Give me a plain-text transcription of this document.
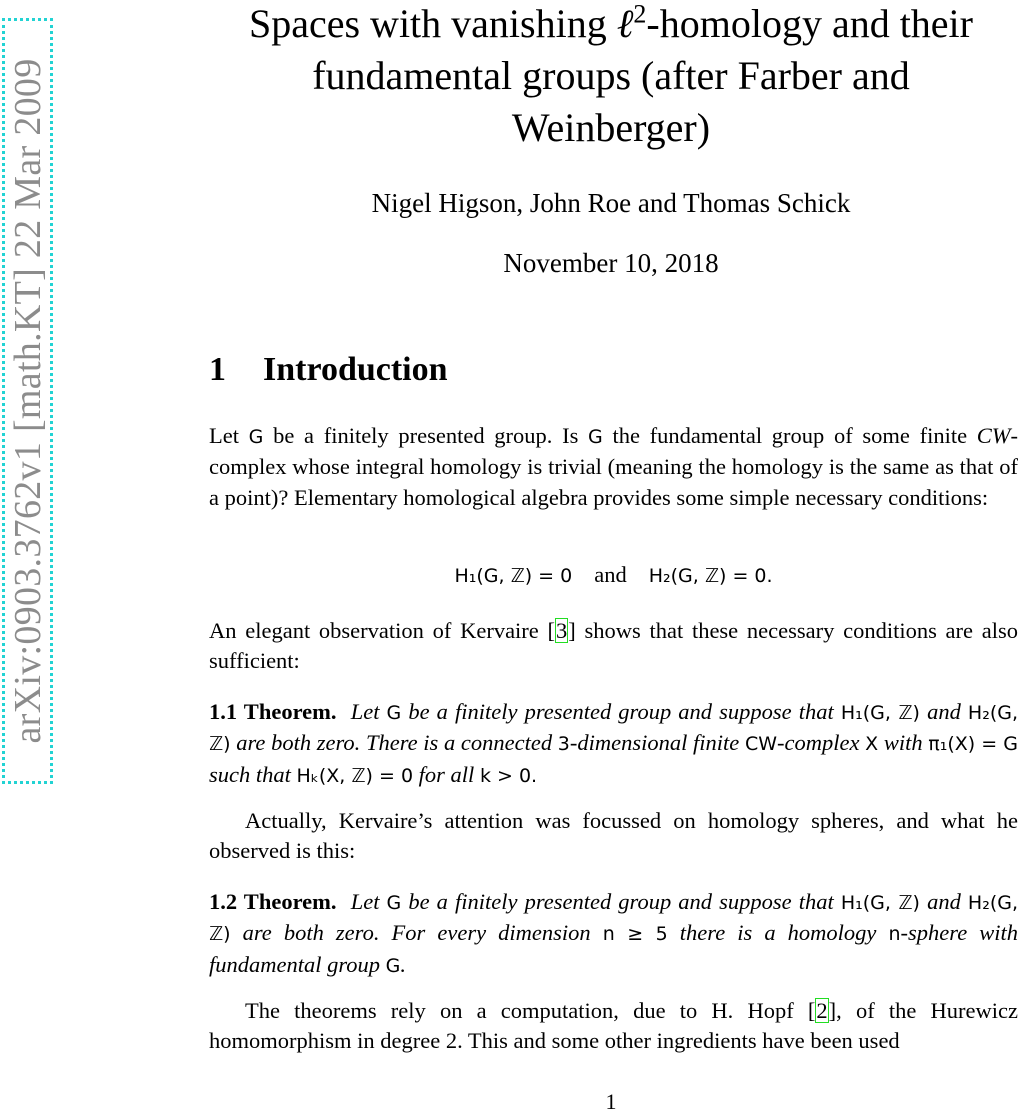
arXiv:0903.3762v1 [math.KT] 22 Mar 2009
Spaces with vanishing ℓ$^2$-homology and their
fundamental groups (after Farber and
Weinberger)
Nigel Higson, John Roe and Thomas Schick
November 10, 2018
1 Introduction

Let G be a finitely presented group. Is G the fundamental group of some finite CW-complex whose integral homology is trivial (meaning the homology is the same as that of a point)? Elementary homological algebra provides some simple necessary conditions:

H₁(G, ℤ) = 0 and H₂(G, ℤ) = 0.

An elegant observation of Kervaire [3] shows that these necessary conditions are also sufficient:

1.1 Theorem. Let G be a finitely presented group and suppose that H₁(G, ℤ) and H₂(G, ℤ) are both zero. There is a connected 3-dimensional finite CW-complex X with π₁(X) = G such that Hₖ(X, ℤ) = 0 for all k > 0.

Actually, Kervaire’s attention was focussed on homology spheres, and what he observed is this:

1.2 Theorem. Let G be a finitely presented group and suppose that H₁(G, ℤ) and H₂(G, ℤ) are both zero. For every dimension n ≥ 5 there is a homology n-sphere with fundamental group G.

The theorems rely on a computation, due to H. Hopf [2], of the Hurewicz homomorphism in degree 2. This and some other ingredients have been used

1
